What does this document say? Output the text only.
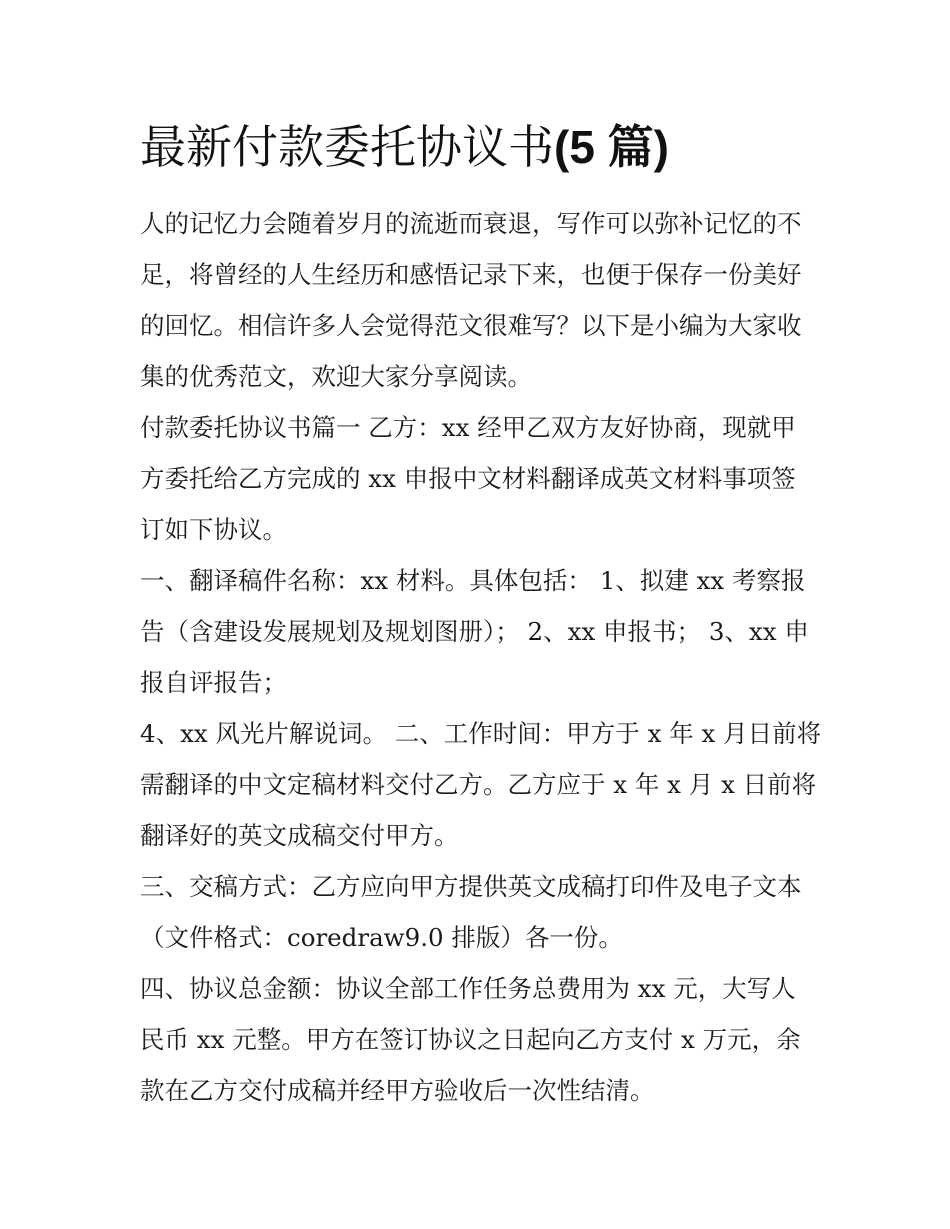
最新付款委托协议书(5 篇)

人的记忆力会随着岁月的流逝而衰退，写作可以弥补记忆的不
足，将曾经的人生经历和感悟记录下来，也便于保存一份美好
的回忆。相信许多人会觉得范文很难写？以下是小编为大家收
集的优秀范文，欢迎大家分享阅读。

付款委托协议书篇一 乙方：xx 经甲乙双方友好协商，现就甲
方委托给乙方完成的 xx 申报中文材料翻译成英文材料事项签
订如下协议。

一、翻译稿件名称：xx 材料。具体包括： 1、拟建 xx 考察报
告（含建设发展规划及规划图册）； 2、xx 申报书； 3、xx 申
报自评报告；

4、xx 风光片解说词。 二、工作时间：甲方于 x 年 x 月日前将
需翻译的中文定稿材料交付乙方。乙方应于 x 年 x 月 x 日前将
翻译好的英文成稿交付甲方。

三、交稿方式：乙方应向甲方提供英文成稿打印件及电子文本
（文件格式：coredraw9.0 排版）各一份。

四、协议总金额：协议全部工作任务总费用为 xx 元，大写人
民币 xx 元整。甲方在签订协议之日起向乙方支付 x 万元，余
款在乙方交付成稿并经甲方验收后一次性结清。
